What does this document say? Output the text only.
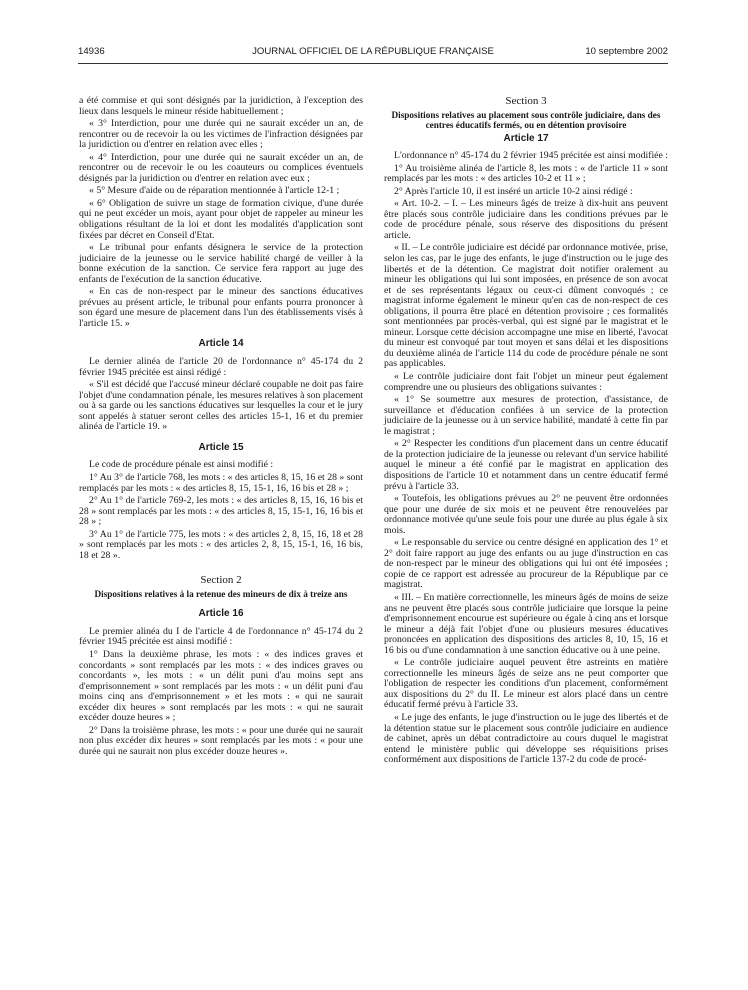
14936	JOURNAL OFFICIEL DE LA RÉPUBLIQUE FRANÇAISE	10 septembre 2002

a été commise et qui sont désignés par la juridiction, à l'exception des lieux dans lesquels le mineur réside habituellement ;

« 3° Interdiction, pour une durée qui ne saurait excéder un an, de rencontrer ou de recevoir la ou les victimes de l'infraction désignées par la juridiction ou d'entrer en relation avec elles ;

« 4° Interdiction, pour une durée qui ne saurait excéder un an, de rencontrer ou de recevoir le ou les coauteurs ou complices éventuels désignés par la juridiction ou d'entrer en relation avec eux ;

« 5° Mesure d'aide ou de réparation mentionnée à l'article 12-1 ;

« 6° Obligation de suivre un stage de formation civique, d'une durée qui ne peut excéder un mois, ayant pour objet de rappeler au mineur les obligations résultant de la loi et dont les modalités d'application sont fixées par décret en Conseil d'Etat.

« Le tribunal pour enfants désignera le service de la protection judiciaire de la jeunesse ou le service habilité chargé de veiller à la bonne exécution de la sanction. Ce service fera rapport au juge des enfants de l'exécution de la sanction éducative.

« En cas de non-respect par le mineur des sanctions éducatives prévues au présent article, le tribunal pour enfants pourra prononcer à son égard une mesure de placement dans l'un des établissements visés à l'article 15. »

Article 14

Le dernier alinéa de l'article 20 de l'ordonnance n° 45-174 du 2 février 1945 précitée est ainsi rédigé :

« S'il est décidé que l'accusé mineur déclaré coupable ne doit pas faire l'objet d'une condamnation pénale, les mesures relatives à son placement ou à sa garde ou les sanctions éducatives sur lesquelles la cour et le jury sont appelés à statuer seront celles des articles 15-1, 16 et du premier alinéa de l'article 19. »

Article 15

Le code de procédure pénale est ainsi modifié :

1° Au 3° de l'article 768, les mots : « des articles 8, 15, 16 et 28 » sont remplacés par les mots : « des articles 8, 15, 15-1, 16, 16 bis et 28 » ;

2° Au 1° de l'article 769-2, les mots : « des articles 8, 15, 16, 16 bis et 28 » sont remplacés par les mots : « des articles 8, 15, 15-1, 16, 16 bis et 28 » ;

3° Au 1° de l'article 775, les mots : « des articles 2, 8, 15, 16, 18 et 28 » sont remplacés par les mots : « des articles 2, 8, 15, 15-1, 16, 16 bis, 18 et 28 ».

Section 2
Dispositions relatives à la retenue des mineurs de dix à treize ans
Article 16

Le premier alinéa du I de l'article 4 de l'ordonnance n° 45-174 du 2 février 1945 précitée est ainsi modifié :

1° Dans la deuxième phrase, les mots : « des indices graves et concordants » sont remplacés par les mots : « des indices graves ou concordants », les mots : « un délit puni d'au moins sept ans d'emprisonnement » sont remplacés par les mots : « un délit puni d'au moins cinq ans d'emprisonnement » et les mots : « qui ne saurait excéder dix heures » sont remplacés par les mots : « qui ne saurait excéder douze heures » ;

2° Dans la troisième phrase, les mots : « pour une durée qui ne saurait non plus excéder dix heures » sont remplacés par les mots : « pour une durée qui ne saurait non plus excéder douze heures ».

Section 3
Dispositions relatives au placement sous contrôle judiciaire, dans des centres éducatifs fermés, ou en détention provisoire
Article 17

L'ordonnance n° 45-174 du 2 février 1945 précitée est ainsi modifiée :

1° Au troisième alinéa de l'article 8, les mots : « de l'article 11 » sont remplacés par les mots : « des articles 10-2 et 11 » ;

2° Après l'article 10, il est inséré un article 10-2 ainsi rédigé :

« Art. 10-2. – I. – Les mineurs âgés de treize à dix-huit ans peuvent être placés sous contrôle judiciaire dans les conditions prévues par le code de procédure pénale, sous réserve des dispositions du présent article.

« II. – Le contrôle judiciaire est décidé par ordonnance motivée, prise, selon les cas, par le juge des enfants, le juge d'instruction ou le juge des libertés et de la détention. Ce magistrat doit notifier oralement au mineur les obligations qui lui sont imposées, en présence de son avocat et de ses représentants légaux ou ceux-ci dûment convoqués ; ce magistrat informe également le mineur qu'en cas de non-respect de ces obligations, il pourra être placé en détention provisoire ; ces formalités sont mentionnées par procès-verbal, qui est signé par le magistrat et le mineur. Lorsque cette décision accompagne une mise en liberté, l'avocat du mineur est convoqué par tout moyen et sans délai et les dispositions du deuxième alinéa de l'article 114 du code de procédure pénale ne sont pas applicables.

« Le contrôle judiciaire dont fait l'objet un mineur peut également comprendre une ou plusieurs des obligations suivantes :

« 1° Se soumettre aux mesures de protection, d'assistance, de surveillance et d'éducation confiées à un service de la protection judiciaire de la jeunesse ou à un service habilité, mandaté à cette fin par le magistrat ;

« 2° Respecter les conditions d'un placement dans un centre éducatif de la protection judiciaire de la jeunesse ou relevant d'un service habilité auquel le mineur a été confié par le magistrat en application des dispositions de l'article 10 et notamment dans un centre éducatif fermé prévu à l'article 33.

« Toutefois, les obligations prévues au 2° ne peuvent être ordonnées que pour une durée de six mois et ne peuvent être renouvelées par ordonnance motivée qu'une seule fois pour une durée au plus égale à six mois.

« Le responsable du service ou centre désigné en application des 1° et 2° doit faire rapport au juge des enfants ou au juge d'instruction en cas de non-respect par le mineur des obligations qui lui ont été imposées ; copie de ce rapport est adressée au procureur de la République par ce magistrat.

« III. – En matière correctionnelle, les mineurs âgés de moins de seize ans ne peuvent être placés sous contrôle judiciaire que lorsque la peine d'emprisonnement encourue est supérieure ou égale à cinq ans et lorsque le mineur a déjà fait l'objet d'une ou plusieurs mesures éducatives prononcées en application des dispositions des articles 8, 10, 15, 16 et 16 bis ou d'une condamnation à une sanction éducative ou à une peine.

« Le contrôle judiciaire auquel peuvent être astreints en matière correctionnelle les mineurs âgés de seize ans ne peut comporter que l'obligation de respecter les conditions d'un placement, conformément aux dispositions du 2° du II. Le mineur est alors placé dans un centre éducatif fermé prévu à l'article 33.

« Le juge des enfants, le juge d'instruction ou le juge des libertés et de la détention statue sur le placement sous contrôle judiciaire en audience de cabinet, après un débat contradictoire au cours duquel le magistrat entend le ministère public qui développe ses réquisitions prises conformément aux dispositions de l'article 137-2 du code de procé-
